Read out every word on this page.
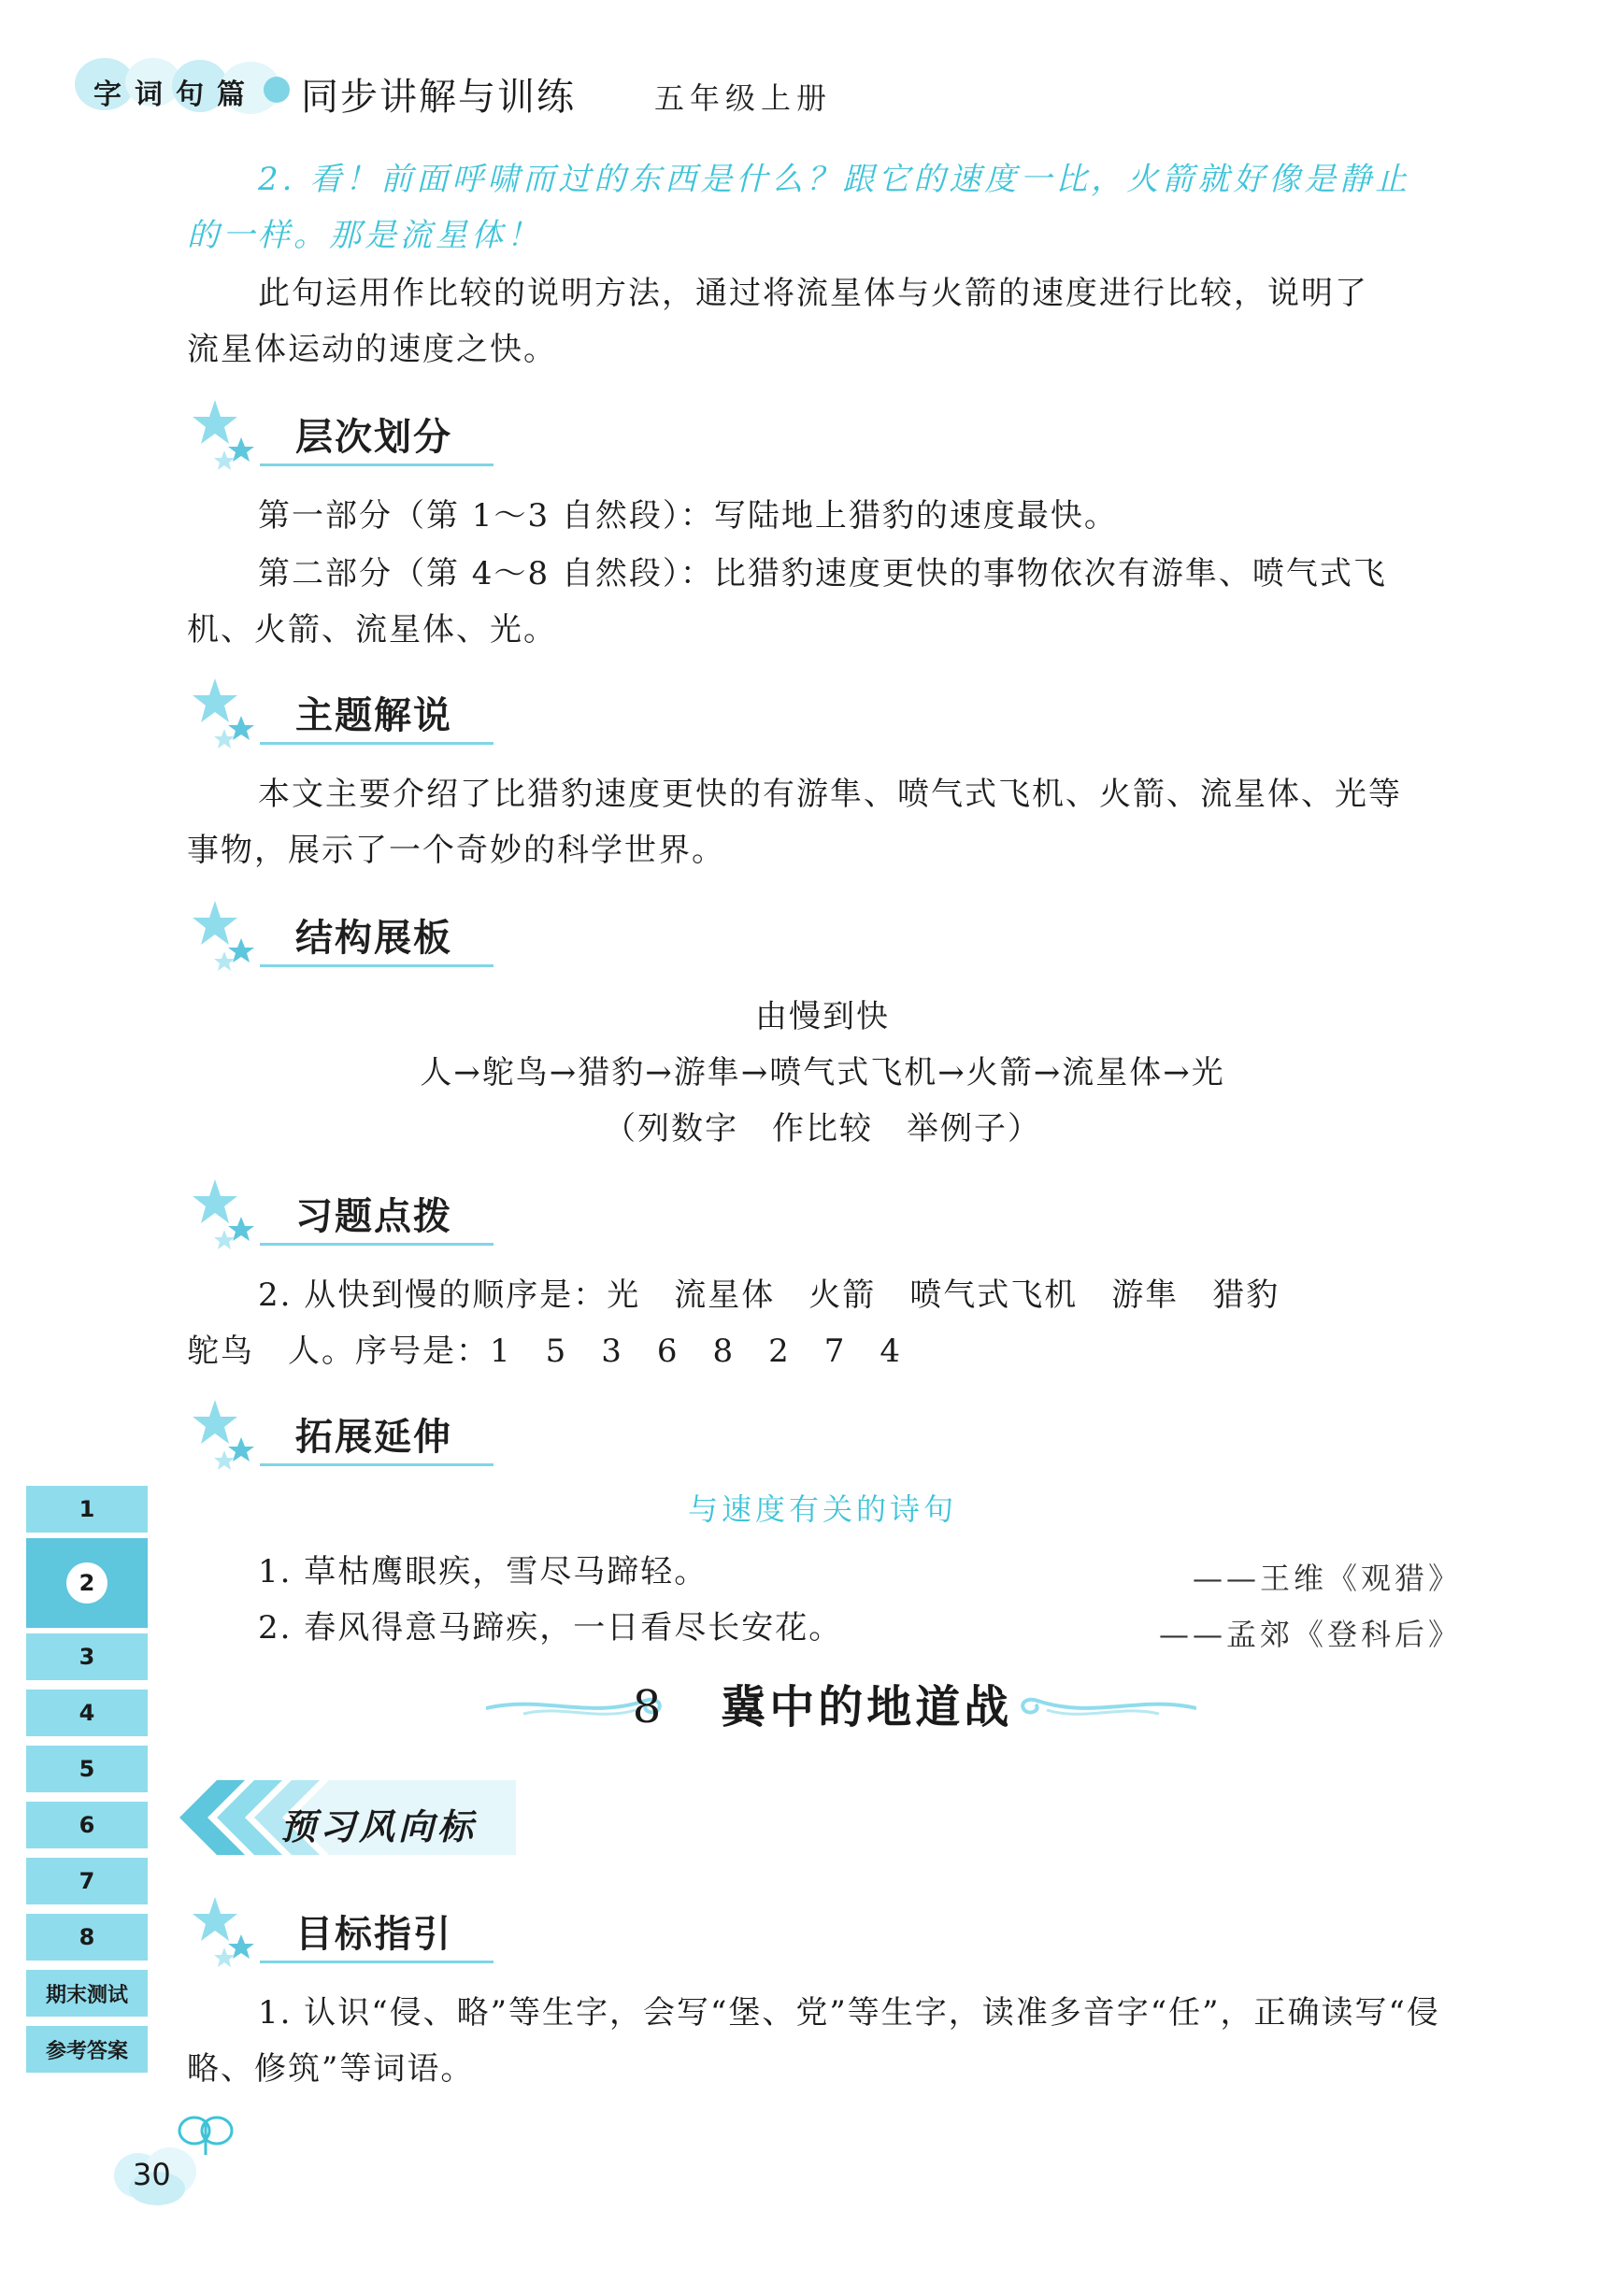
字词句篇 同步讲解与训练	五年级上册
2. 看！前面呼啸而过的东西是什么？跟它的速度一比，火箭就好像是静止
的一样。那是流星体！
此句运用作比较的说明方法，通过将流星体与火箭的速度进行比较，说明了
流星体运动的速度之快。
层次划分
第一部分（第 1～3 自然段）：写陆地上猎豹的速度最快。
第二部分（第 4～8 自然段）：比猎豹速度更快的事物依次有游隼、喷气式飞
机、火箭、流星体、光。
主题解说
本文主要介绍了比猎豹速度更快的有游隼、喷气式飞机、火箭、流星体、光等
事物，展示了一个奇妙的科学世界。
结构展板
由慢到快
人→鸵鸟→猎豹→游隼→喷气式飞机→火箭→流星体→光
（列数字　作比较　举例子）
习题点拨
2. 从快到慢的顺序是：光　流星体　火箭　喷气式飞机　游隼　猎豹
鸵鸟　人。序号是：1　5　3　6　8　2　7　4
拓展延伸
与速度有关的诗句
1. 草枯鹰眼疾，雪尽马蹄轻。	——王维《观猎》
2. 春风得意马蹄疾，一日看尽长安花。	——孟郊《登科后》
8 冀中的地道战
预习风向标
目标指引
1. 认识“侵、略”等生字，会写“堡、党”等生字，读准多音字“任”，正确读写“侵
略、修筑”等词语。
1
2
3
4
5
6
7
8
期末测试
参考答案
30
